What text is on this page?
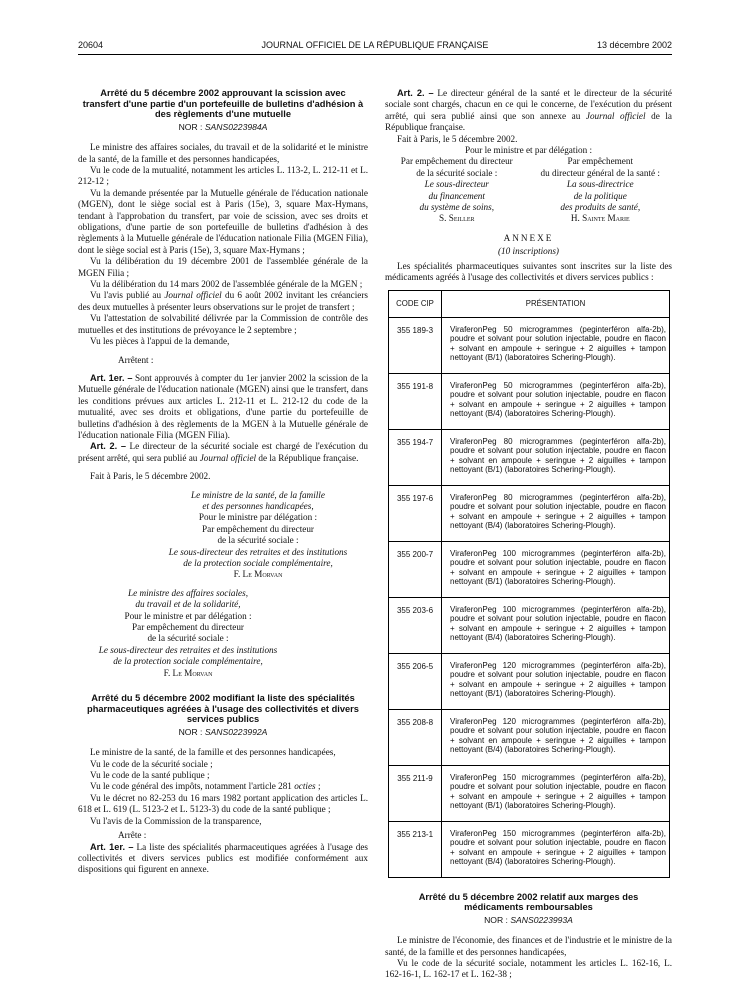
20604	JOURNAL OFFICIEL DE LA RÉPUBLIQUE FRANÇAISE	13 décembre 2002
Arrêté du 5 décembre 2002 approuvant la scission avec transfert d'une partie d'un portefeuille de bulletins d'adhésion à des règlements d'une mutuelle
NOR : SANS0223984A

Le ministre des affaires sociales, du travail et de la solidarité et le ministre de la santé, de la famille et des personnes handicapées,

Vu le code de la mutualité, notamment les articles L. 113-2, L. 212-11 et L. 212-12 ;

Vu la demande présentée par la Mutuelle générale de l'éducation nationale (MGEN), dont le siège social est à Paris (15e), 3, square Max-Hymans, tendant à l'approbation du transfert, par voie de scission, avec ses droits et obligations, d'une partie de son portefeuille de bulletins d'adhésion à des règlements à la Mutuelle générale de l'éducation nationale Filia (MGEN Filia), dont le siège social est à Paris (15e), 3, square Max-Hymans ;

Vu la délibération du 19 décembre 2001 de l'assemblée générale de la MGEN Filia ;

Vu la délibération du 14 mars 2002 de l'assemblée générale de la MGEN ;

Vu l'avis publié au Journal officiel du 6 août 2002 invitant les créanciers des deux mutuelles à présenter leurs observations sur le projet de transfert ;

Vu l'attestation de solvabilité délivrée par la Commission de contrôle des mutuelles et des institutions de prévoyance le 2 septembre ;

Vu les pièces à l'appui de la demande,

Arrêtent :

Art. 1er. – Sont approuvés à compter du 1er janvier 2002 la scission de la Mutuelle générale de l'éducation nationale (MGEN) ainsi que le transfert, dans les conditions prévues aux articles L. 212-11 et L. 212-12 du code de la mutualité, avec ses droits et obligations, d'une partie du portefeuille de bulletins d'adhésion à des règlements de la MGEN à la Mutuelle générale de l'éducation nationale Filia (MGEN Filia).

Art. 2. – Le directeur de la sécurité sociale est chargé de l'exécution du présent arrêté, qui sera publié au Journal officiel de la République française.

Fait à Paris, le 5 décembre 2002.

Le ministre de la santé, de la famille
et des personnes handicapées,
Pour le ministre par délégation :
Par empêchement du directeur
de la sécurité sociale :
Le sous-directeur des retraites et des institutions
de la protection sociale complémentaire,
F. Le Morvan
Le ministre des affaires sociales,
du travail et de la solidarité,
Pour le ministre et par délégation :
Par empêchement du directeur
de la sécurité sociale :
Le sous-directeur des retraites et des institutions
de la protection sociale complémentaire,
F. Le Morvan
Arrêté du 5 décembre 2002 modifiant la liste des spécialités pharmaceutiques agréées à l'usage des collectivités et divers services publics
NOR : SANS0223992A

Le ministre de la santé, de la famille et des personnes handicapées,

Vu le code de la sécurité sociale ;

Vu le code de la santé publique ;

Vu le code général des impôts, notamment l'article 281 octies ;

Vu le décret no 82-253 du 16 mars 1982 portant application des articles L. 618 et L. 619 (L. 5123-2 et L. 5123-3) du code de la santé publique ;

Vu l'avis de la Commission de la transparence,

Arrête :

Art. 1er. – La liste des spécialités pharmaceutiques agréées à l'usage des collectivités et divers services publics est modifiée conformément aux dispositions qui figurent en annexe.

Art. 2. – Le directeur général de la santé et le directeur de la sécurité sociale sont chargés, chacun en ce qui le concerne, de l'exécution du présent arrêté, qui sera publié ainsi que son annexe au Journal officiel de la République française.

Fait à Paris, le 5 décembre 2002.

Pour le ministre et par délégation :

Par empêchement du directeur
de la sécurité sociale :
Le sous-directeur
du financement
du système de soins,
S. Seiller
Par empêchement
du directeur général de la santé :
La sous-directrice
de la politique
des produits de santé,
H. Sainte Marie
ANNEXE
(10 inscriptions)

Les spécialités pharmaceutiques suivantes sont inscrites sur la liste des médicaments agréés à l'usage des collectivités et divers services publics :

CODE CIP	PRÉSENTATION
355 189-3	ViraferonPeg 50 microgrammes (peginterféron alfa-2b), poudre et solvant pour solution injectable, poudre en flacon + solvant en ampoule + seringue + 2 aiguilles + tampon nettoyant (B/1) (laboratoires Schering-Plough).
355 191-8	ViraferonPeg 50 microgrammes (peginterféron alfa-2b), poudre et solvant pour solution injectable, poudre en flacon + solvant en ampoule + seringue + 2 aiguilles + tampon nettoyant (B/4) (laboratoires Schering-Plough).
355 194-7	ViraferonPeg 80 microgrammes (peginterféron alfa-2b), poudre et solvant pour solution injectable, poudre en flacon + solvant en ampoule + seringue + 2 aiguilles + tampon nettoyant (B/1) (laboratoires Schering-Plough).
355 197-6	ViraferonPeg 80 microgrammes (peginterféron alfa-2b), poudre et solvant pour solution injectable, poudre en flacon + solvant en ampoule + seringue + 2 aiguilles + tampon nettoyant (B/4) (laboratoires Schering-Plough).
355 200-7	ViraferonPeg 100 microgrammes (peginterféron alfa-2b), poudre et solvant pour solution injectable, poudre en flacon + solvant en ampoule + seringue + 2 aiguilles + tampon nettoyant (B/1) (laboratoires Schering-Plough).
355 203-6	ViraferonPeg 100 microgrammes (peginterféron alfa-2b), poudre et solvant pour solution injectable, poudre en flacon + solvant en ampoule + seringue + 2 aiguilles + tampon nettoyant (B/4) (laboratoires Schering-Plough).
355 206-5	ViraferonPeg 120 microgrammes (peginterféron alfa-2b), poudre et solvant pour solution injectable, poudre en flacon + solvant en ampoule + seringue + 2 aiguilles + tampon nettoyant (B/1) (laboratoires Schering-Plough).
355 208-8	ViraferonPeg 120 microgrammes (peginterféron alfa-2b), poudre et solvant pour solution injectable, poudre en flacon + solvant en ampoule + seringue + 2 aiguilles + tampon nettoyant (B/4) (laboratoires Schering-Plough).
355 211-9	ViraferonPeg 150 microgrammes (peginterféron alfa-2b), poudre et solvant pour solution injectable, poudre en flacon + solvant en ampoule + seringue + 2 aiguilles + tampon nettoyant (B/1) (laboratoires Schering-Plough).
355 213-1	ViraferonPeg 150 microgrammes (peginterféron alfa-2b), poudre et solvant pour solution injectable, poudre en flacon + solvant en ampoule + seringue + 2 aiguilles + tampon nettoyant (B/4) (laboratoires Schering-Plough).
Arrêté du 5 décembre 2002 relatif aux marges des médicaments remboursables
NOR : SANS0223993A

Le ministre de l'économie, des finances et de l'industrie et le ministre de la santé, de la famille et des personnes handicapées,

Vu le code de la sécurité sociale, notamment les articles L. 162-16, L. 162-16-1, L. 162-17 et L. 162-38 ;
